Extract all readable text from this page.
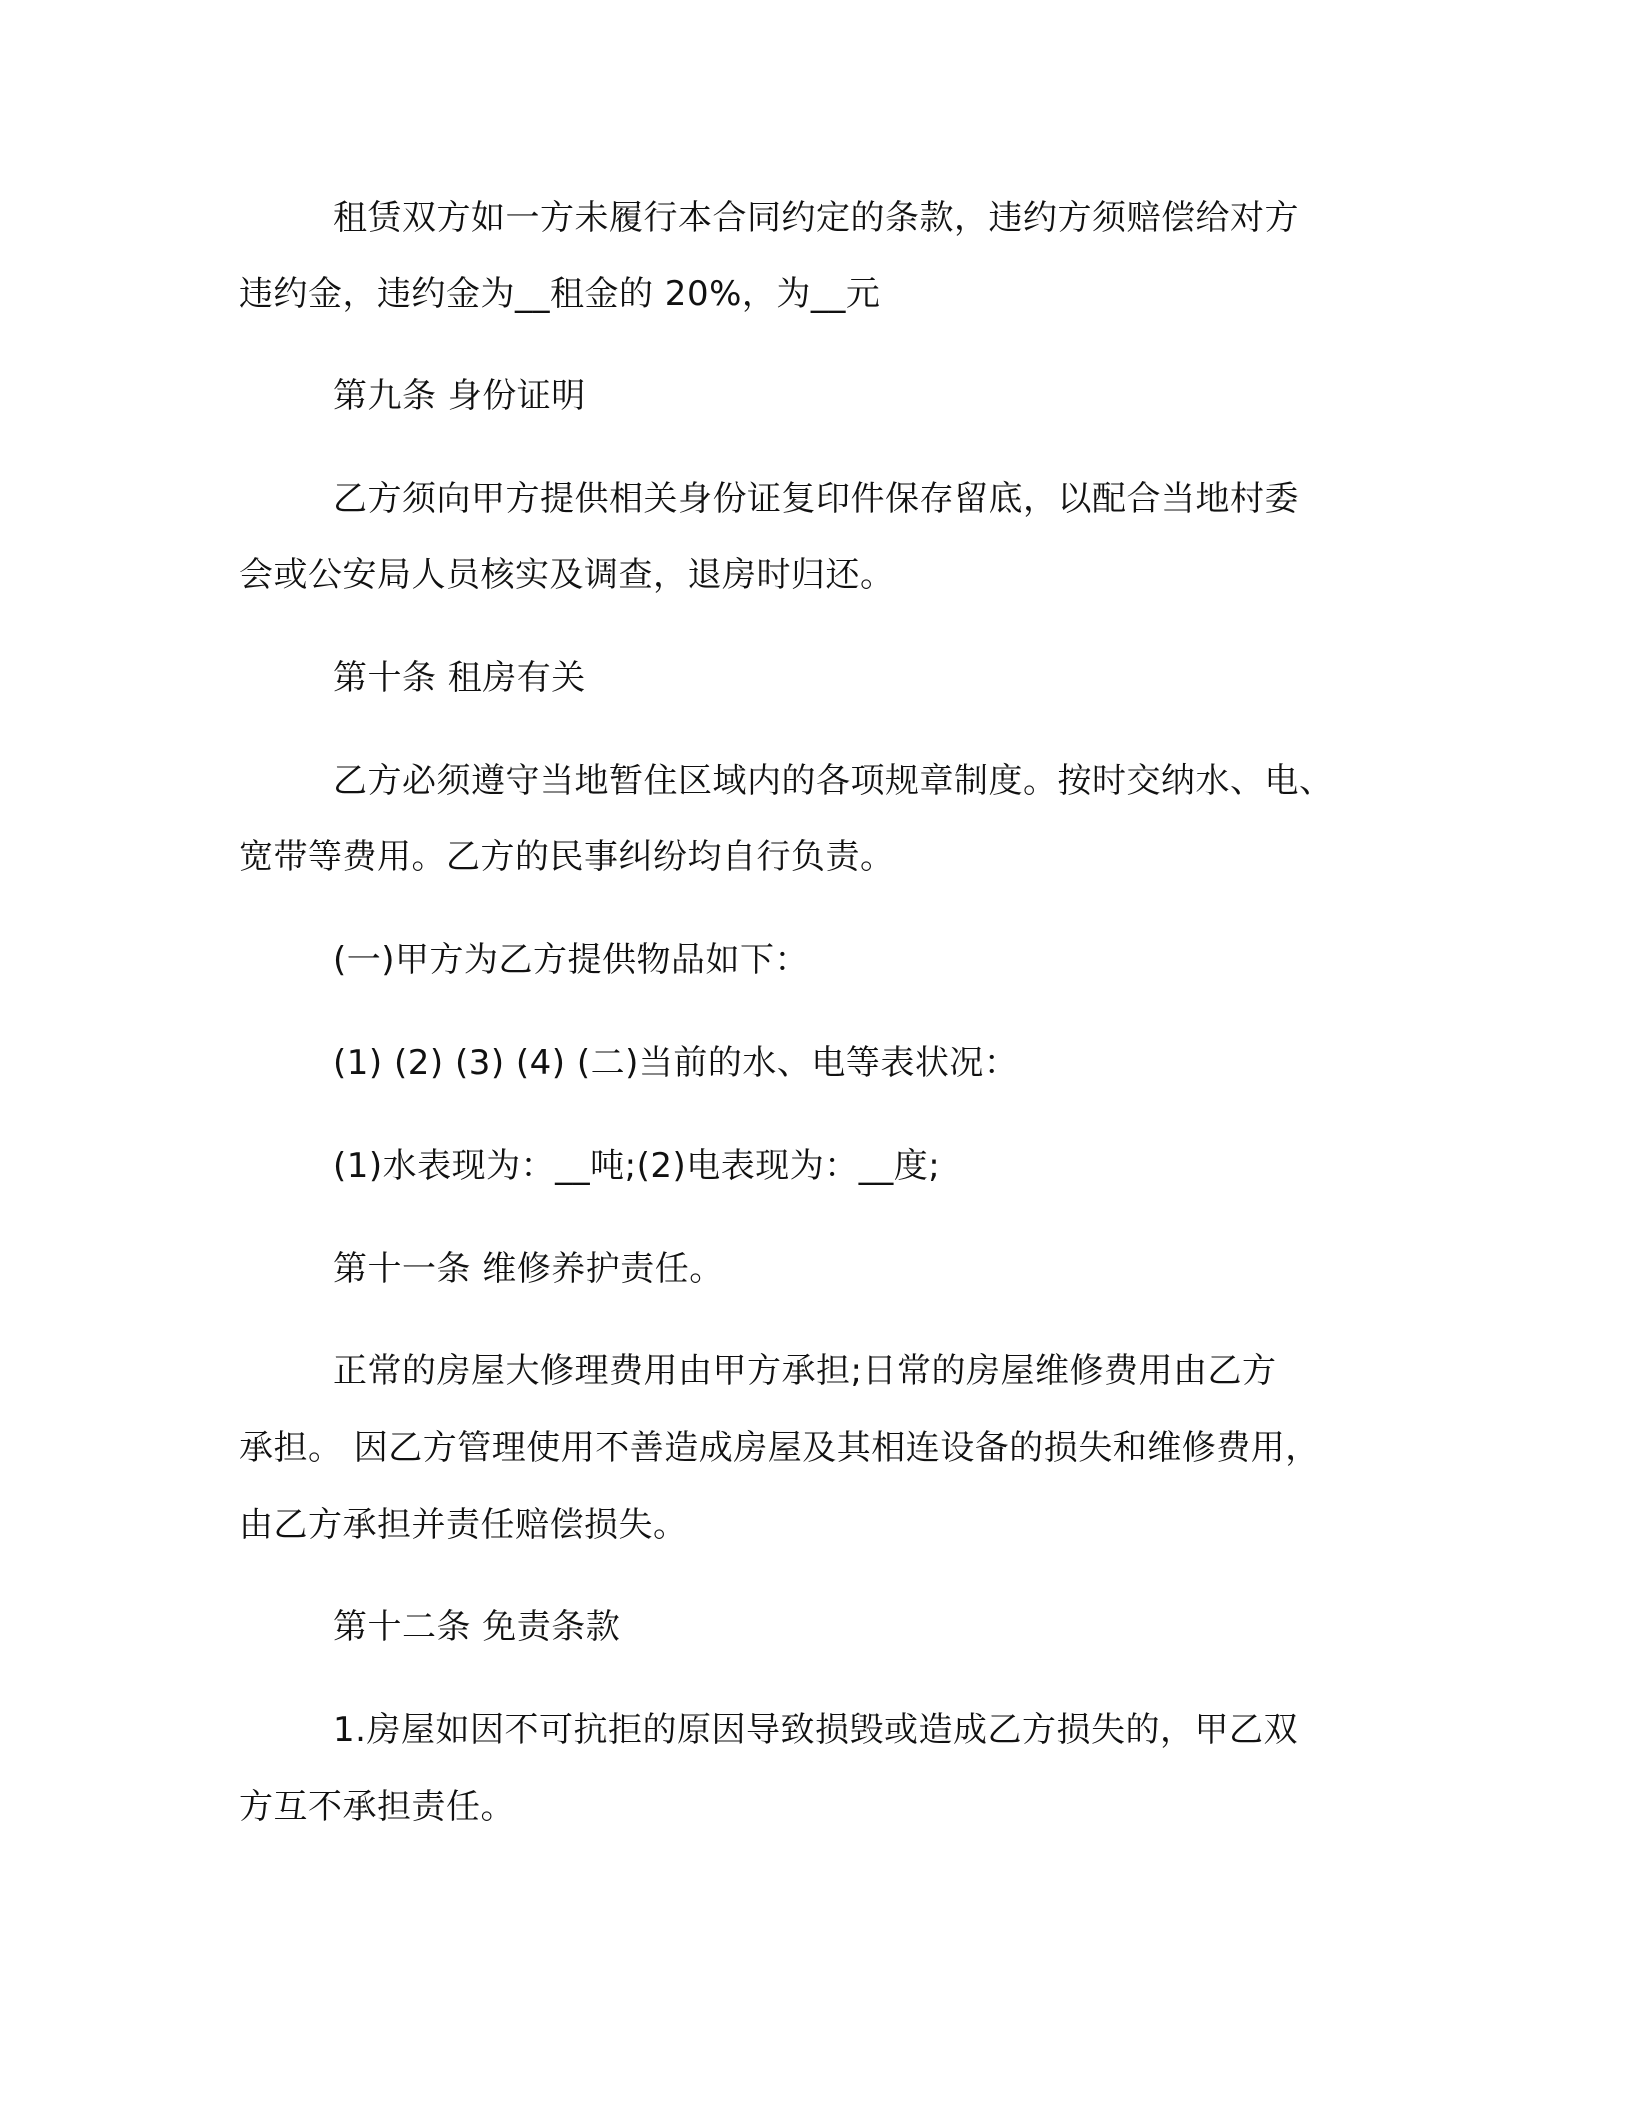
租赁双方如一方未履行本合同约定的条款，违约方须赔偿给对方
违约金，违约金为__租金的 20%，为__元
第九条 身份证明
乙方须向甲方提供相关身份证复印件保存留底，以配合当地村委
会或公安局人员核实及调查，退房时归还。
第十条 租房有关
乙方必须遵守当地暂住区域内的各项规章制度。按时交纳水、电、
宽带等费用。乙方的民事纠纷均自行负责。
(一)甲方为乙方提供物品如下：
(1) (2) (3) (4) (二)当前的水、电等表状况：
(1)水表现为：__吨;(2)电表现为：__度;
第十一条 维修养护责任。
正常的房屋大修理费用由甲方承担;日常的房屋维修费用由乙方
承担。 因乙方管理使用不善造成房屋及其相连设备的损失和维修费用，
由乙方承担并责任赔偿损失。
第十二条 免责条款
1.房屋如因不可抗拒的原因导致损毁或造成乙方损失的，甲乙双
方互不承担责任。
